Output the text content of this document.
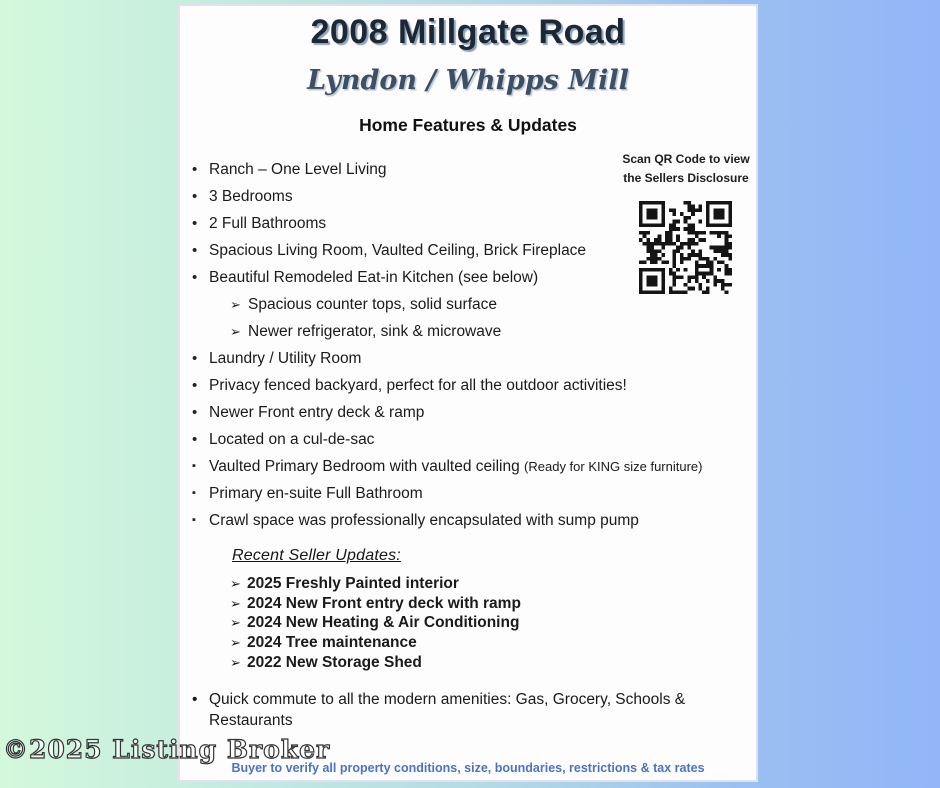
2008 Millgate Road
Lyndon / Whipps Mill
Home Features & Updates
Scan QR Code to view
the Sellers Disclosure
• Ranch – One Level Living
• 3 Bedrooms
• 2 Full Bathrooms
• Spacious Living Room, Vaulted Ceiling, Brick Fireplace
• Beautiful Remodeled Eat-in Kitchen (see below)
➢ Spacious counter tops, solid surface
➢ Newer refrigerator, sink & microwave
• Laundry / Utility Room
• Privacy fenced backyard, perfect for all the outdoor activities!
• Newer Front entry deck & ramp
• Located on a cul-de-sac
▪ Vaulted Primary Bedroom with vaulted ceiling (Ready for KING size furniture)
▪ Primary en-suite Full Bathroom
▪ Crawl space was professionally encapsulated with sump pump
Recent Seller Updates:
➢ 2025 Freshly Painted interior
➢ 2024 New Front entry deck with ramp
➢ 2024 New Heating & Air Conditioning
➢ 2024 Tree maintenance
➢ 2022 New Storage Shed
• Quick commute to all the modern amenities: Gas, Grocery, Schools & Restaurants
Buyer to verify all property conditions, size, boundaries, restrictions & tax rates
©2025 Listing Broker
